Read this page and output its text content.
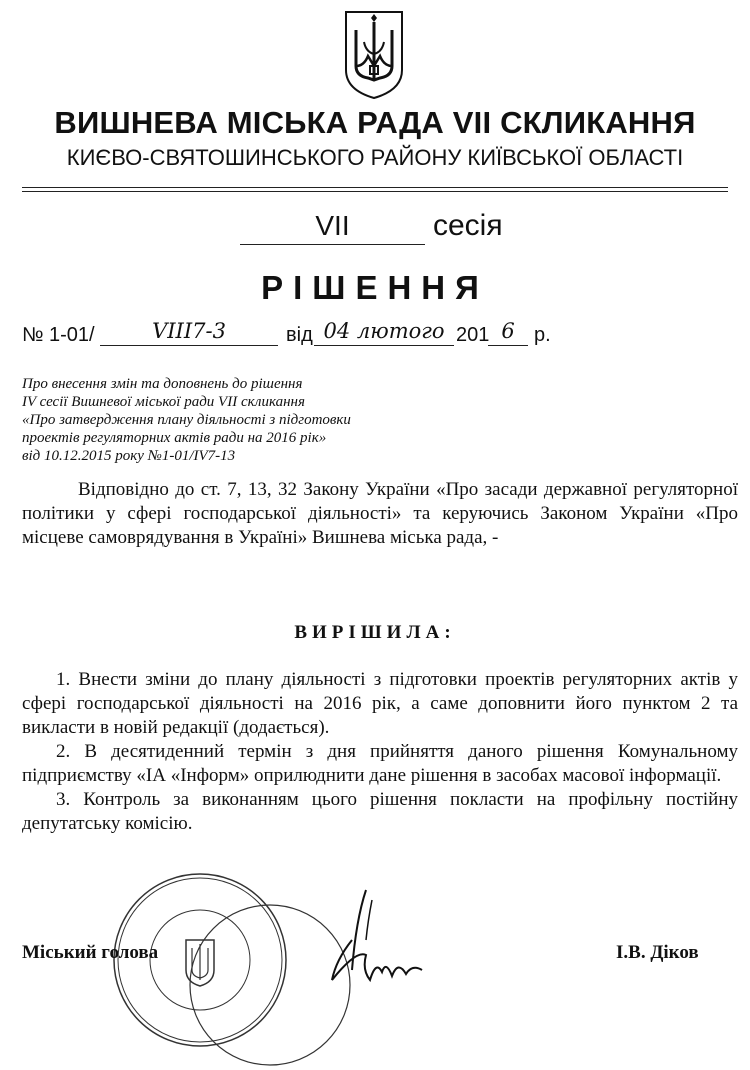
ВИШНЕВА МІСЬКА РАДА VII СКЛИКАННЯ
КИЄВО-СВЯТОШИНСЬКОГО РАЙОНУ КИЇВСЬКОЇ ОБЛАСТІ
VII	сесія
РІШЕННЯ
№ 1-01/	VIII7-3	від 04 лютого 201 6 р.
Про внесення змін та доповнень до рішення
IV сесії Вишневої міської ради VII скликання
«Про затвердження плану діяльності з підготовки
проектів регуляторних актів ради на 2016 рік»
від 10.12.2015 року №1-01/IV7-13
Відповідно до ст. 7, 13, 32 Закону України «Про засади державної регуляторної політики у сфері господарської діяльності» та керуючись Законом України «Про місцеве самоврядування в Україні» Вишнева міська рада, -
ВИРІШИЛА:
1. Внести зміни до плану діяльності з підготовки проектів регуляторних актів у сфері господарської діяльності на 2016 рік, а саме доповнити його пунктом 2 та викласти в новій редакції (додається).
2. В десятиденний термін з дня прийняття даного рішення Комунальному підприємству «ІА «Інформ» оприлюднити дане рішення в засобах масової інформації.
3. Контроль за виконанням цього рішення покласти на профільну постійну депутатську комісію.
Міський голова	І.В. Діков
